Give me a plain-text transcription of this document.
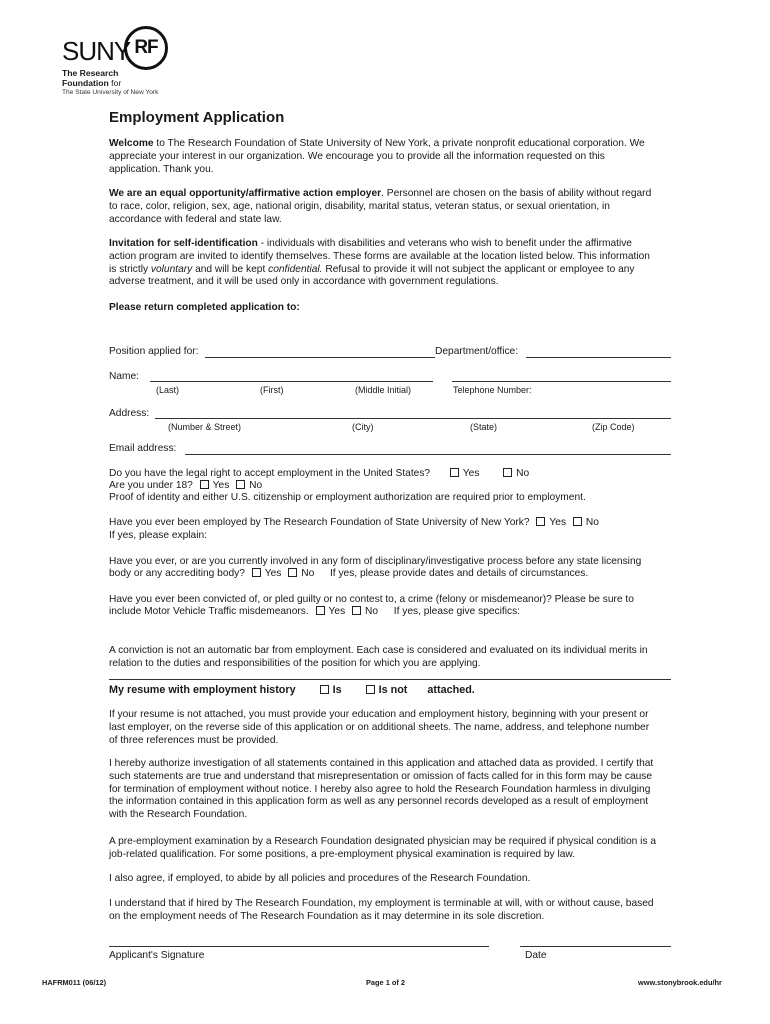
SUNY RF
The Research
Foundation for
The State University of New York
Employment Application
Welcome to The Research Foundation of State University of New York, a private nonprofit educational corporation. We
appreciate your interest in our organization. We encourage you to provide all the information requested on this
application. Thank you.
We are an equal opportunity/affirmative action employer. Personnel are chosen on the basis of ability without regard
to race, color, religion, sex, age, national origin, disability, marital status, veteran status, or sexual orientation, in
accordance with federal and state law.
Invitation for self-identification - individuals with disabilities and veterans who wish to benefit under the affirmative
action program are invited to identify themselves. These forms are available at the location listed below. This information
is strictly voluntary and will be kept confidential. Refusal to provide it will not subject the applicant or employee to any
adverse treatment, and it will be used only in accordance with government regulations.
Please return completed application to:
Position applied for:	Department/office:
Name:
(Last)	(First)	(Middle Initial)	Telephone Number:
Address:
(Number & Street)	(City)	(State)	(Zip Code)
Email address:
Do you have the legal right to accept employment in the United States?	Yes	No
Are you under 18? Yes No
Proof of identity and either U.S. citizenship or employment authorization are required prior to employment.
Have you ever been employed by The Research Foundation of State University of New York? Yes No
If yes, please explain:
Have you ever, or are you currently involved in any form of disciplinary/investigative process before any state licensing
body or any accrediting body? Yes No If yes, please provide dates and details of circumstances.
Have you ever been convicted of, or pled guilty or no contest to, a crime (felony or misdemeanor)? Please be sure to
include Motor Vehicle Traffic misdemeanors. Yes No If yes, please give specifics:
A conviction is not an automatic bar from employment. Each case is considered and evaluated on its individual merits in
relation to the duties and responsibilities of the position for which you are applying.
My resume with employment history	Is	Is not attached.
If your resume is not attached, you must provide your education and employment history, beginning with your present or
last employer, on the reverse side of this application or on additional sheets. The name, address, and telephone number
of three references must be provided.
I hereby authorize investigation of all statements contained in this application and attached data as provided. I certify that
such statements are true and understand that misrepresentation or omission of facts called for in this form may be cause
for termination of employment without notice. I hereby also agree to hold the Research Foundation harmless in divulging
the information contained in this application form as well as any personnel records developed as a result of employment
with the Research Foundation.
A pre-employment examination by a Research Foundation designated physician may be required if physical condition is a
job-related qualification. For some positions, a pre-employment physical examination is required by law.
I also agree, if employed, to abide by all policies and procedures of the Research Foundation.
I understand that if hired by The Research Foundation, my employment is terminable at will, with or without cause, based
on the employment needs of The Research Foundation as it may determine in its sole discretion.
Applicant's Signature	Date
HAFRM011 (06/12)	Page 1 of 2	www.stonybrook.edu/hr
